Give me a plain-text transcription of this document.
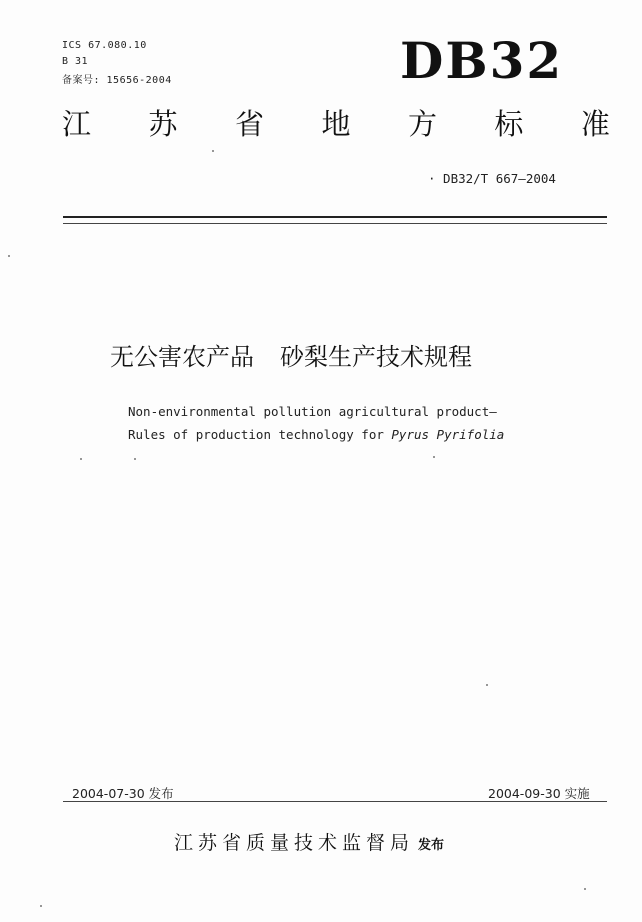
ICS 67.080.10
B 31
备案号: 15656-2004	DB32
江 苏 省 地 方 标 准
· DB32/T 667—2004
无公害农产品 砂梨生产技术规程
Non-environmental pollution agricultural product—
Rules of production technology for Pyrus Pyrifolia
2004-07-30 发布	2004-09-30 实施
江苏省质量技术监督局 发布
